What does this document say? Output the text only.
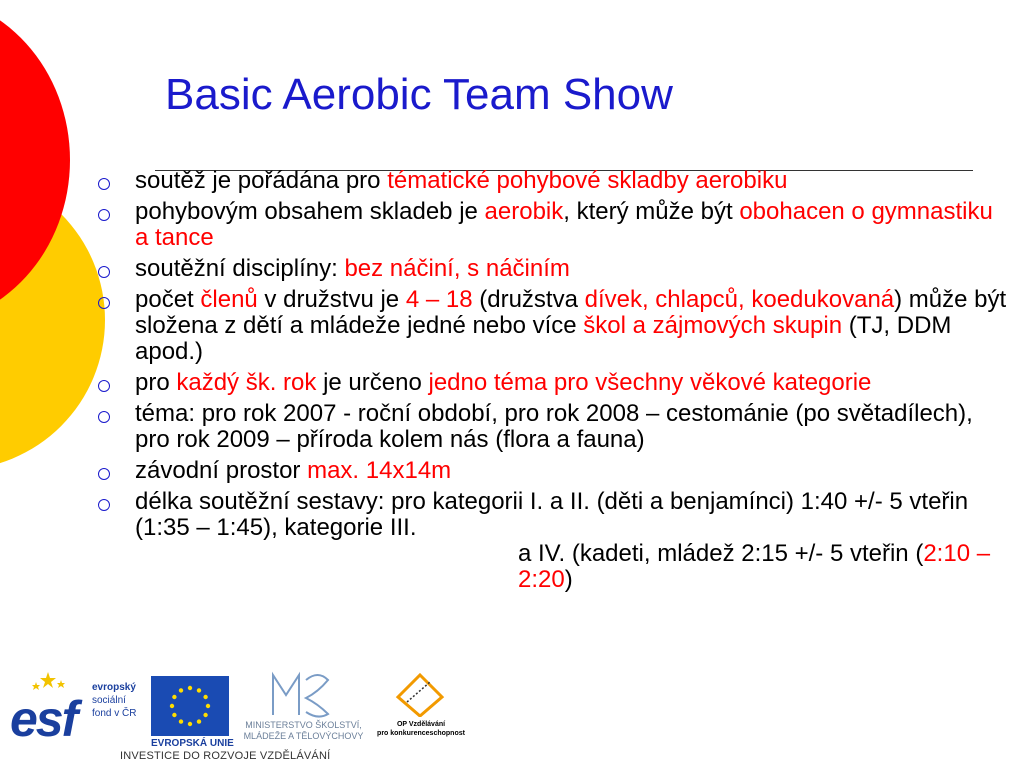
Basic Aerobic Team Show
soutěž je pořádána pro tématické pohybové skladby aerobiku
pohybovým obsahem skladeb je aerobik, který může být obohacen o gymnastiku a tance
soutěžní disciplíny: bez náčiní, s náčiním
počet členů v družstvu je 4 – 18 (družstva dívek, chlapců, koedukovaná) může být složena z dětí a mládeže jedné nebo více škol a zájmových skupin (TJ, DDM apod.)
pro každý šk. rok je určeno jedno téma pro všechny věkové kategorie
téma: pro rok 2007 - roční období, pro rok 2008 – cestománie (po světadílech), pro rok 2009 – příroda kolem nás (flora a fauna)
závodní prostor max. 14x14m
délka soutěžní sestavy: pro kategorii I. a II. (děti a benjamínci) 1:40 +/- 5 vteřin (1:35 – 1:45), kategorie III.
a IV. (kadeti, mládež 2:15 +/- 5 vteřin (2:10 – 2:20)
esf
evropský
sociální
fond v ČR
EVROPSKÁ UNIE
MINISTERSTVO ŠKOLSTVÍ,
MLÁDEŽE A TĚLOVÝCHOVY
OP Vzdělávání
pro konkurenceschopnost
INVESTICE DO ROZVOJE VZDĚLÁVÁNÍ
